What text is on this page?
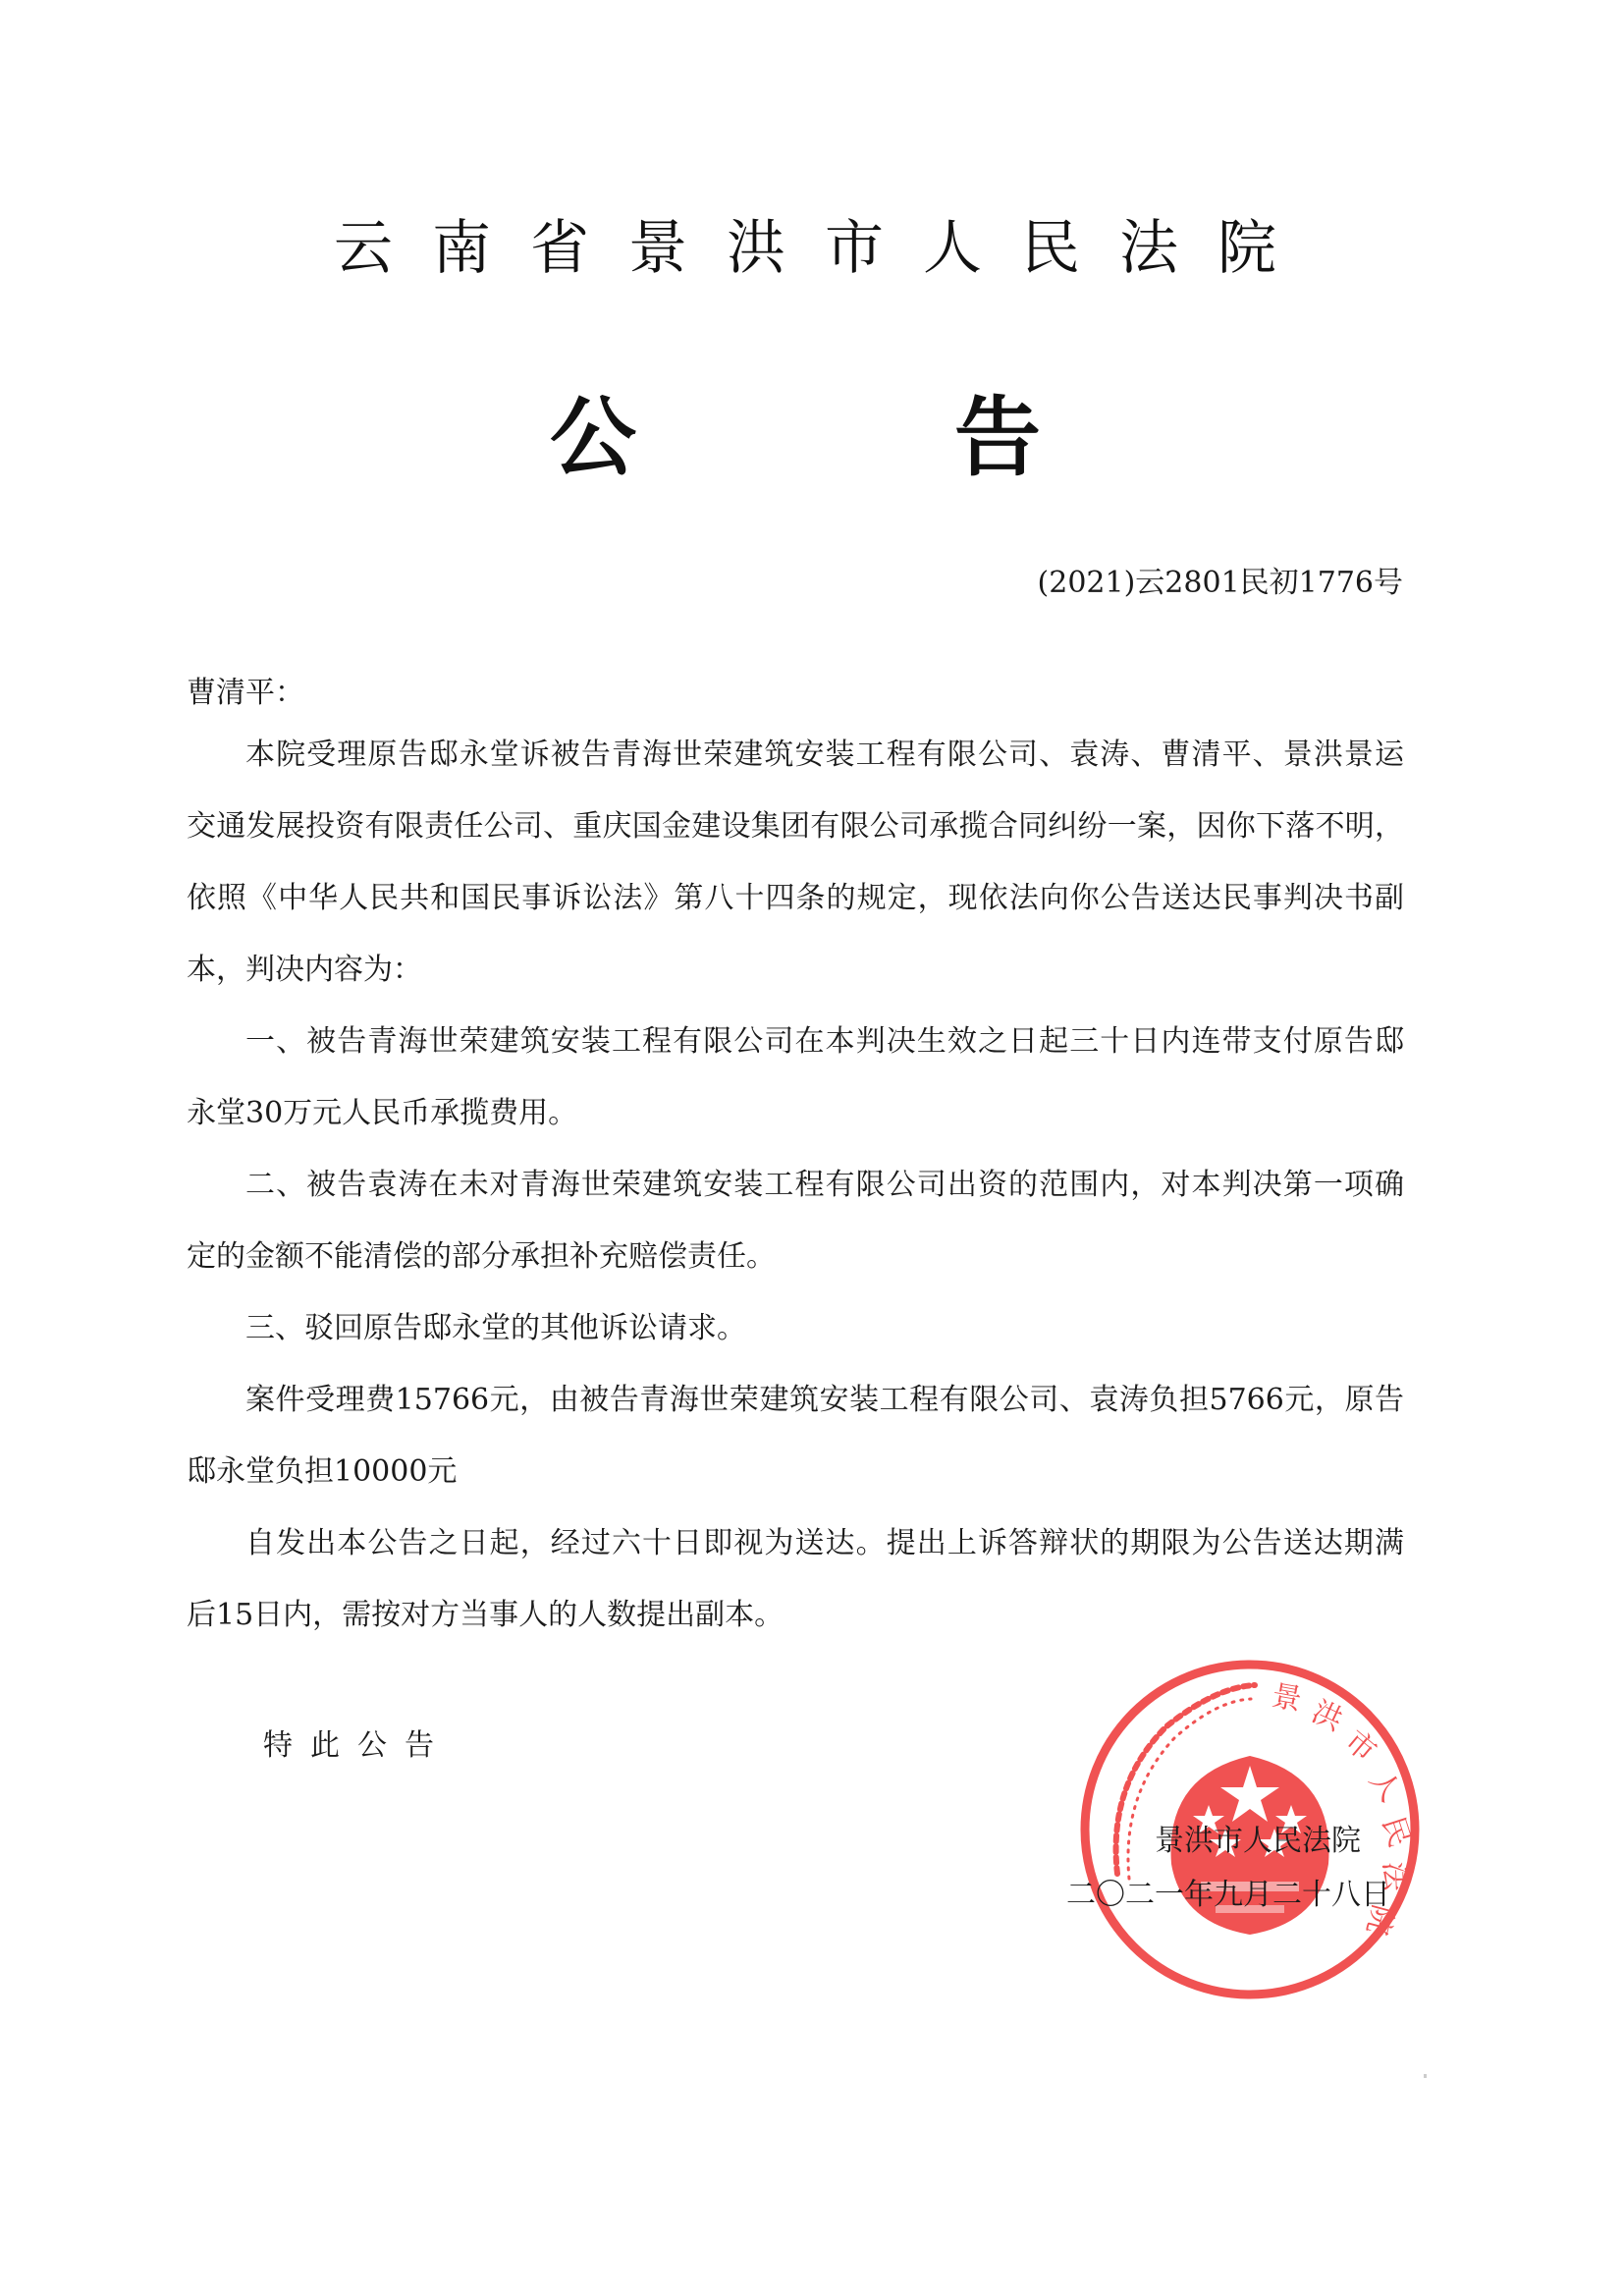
云 南 省 景 洪 市 人 民 法 院
公	告
(2021)云2801民初1776号
曹清平：
本院受理原告邸永堂诉被告青海世荣建筑安装工程有限公司、袁涛、曹清平、景洪景运
交通发展投资有限责任公司、重庆国金建设集团有限公司承揽合同纠纷一案，因你下落不明，
依照《中华人民共和国民事诉讼法》第八十四条的规定，现依法向你公告送达民事判决书副
本，判决内容为：
一、被告青海世荣建筑安装工程有限公司在本判决生效之日起三十日内连带支付原告邸
永堂30万元人民币承揽费用。
二、被告袁涛在未对青海世荣建筑安装工程有限公司出资的范围内，对本判决第一项确
定的金额不能清偿的部分承担补充赔偿责任。
三、驳回原告邸永堂的其他诉讼请求。
案件受理费15766元，由被告青海世荣建筑安装工程有限公司、袁涛负担5766元，原告
邸永堂负担10000元
自发出本公告之日起，经过六十日即视为送达。提出上诉答辩状的期限为公告送达期满
后15日内，需按对方当事人的人数提出副本。
特此公告
景 洪
市
人
民
法
院
景洪市人民法院
二〇二一年九月二十八日
